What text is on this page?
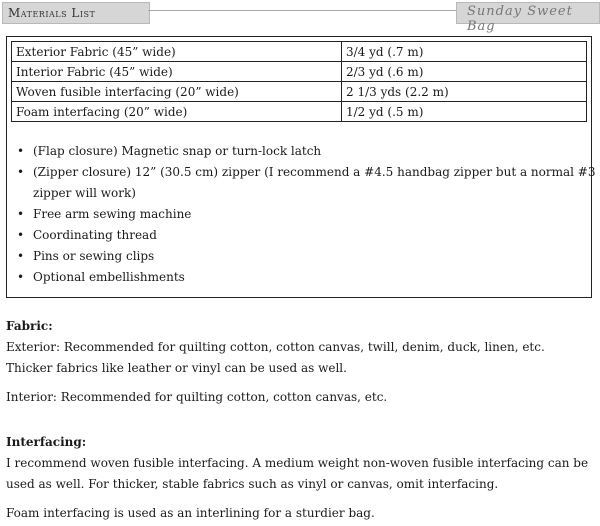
Materials List	Sunday Sweet Bag
Exterior Fabric (45” wide)	3/4 yd (.7 m)
Interior Fabric (45” wide)	2/3 yd (.6 m)
Woven fusible interfacing (20” wide)	2 1/3 yds (2.2 m)
Foam interfacing (20” wide)	1/2 yd (.5 m)
• (Flap closure) Magnetic snap or turn-lock latch
• (Zipper closure) 12” (30.5 cm) zipper (I recommend a #4.5 handbag zipper but a normal #3 zipper will work)
• Free arm sewing machine
• Coordinating thread
• Pins or sewing clips
• Optional embellishments
Fabric:
Exterior: Recommended for quilting cotton, cotton canvas, twill, denim, duck, linen, etc. Thicker fabrics like leather or vinyl can be used as well.
Interior: Recommended for quilting cotton, cotton canvas, etc.
Interfacing:
I recommend woven fusible interfacing. A medium weight non-woven fusible interfacing can be used as well. For thicker, stable fabrics such as vinyl or canvas, omit interfacing.
Foam interfacing is used as an interlining for a sturdier bag.
